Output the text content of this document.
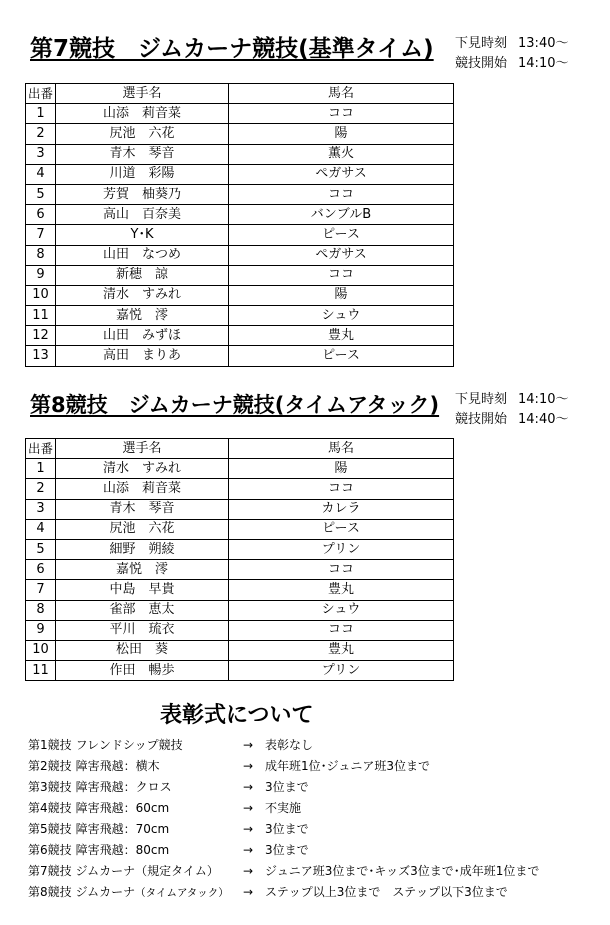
第7競技　ジムカーナ競技(基準タイム) 下見時刻 13:40～
競技開始 14:10～
出番	選手名	馬名
1	山添　莉音菜	ココ
2	尻池　六花	陽
3	青木　琴音	薫火
4	川道　彩陽	ペガサス
5	芳賀　柚葵乃	ココ
6	高山　百奈美	バンブルB
7	Y･K	ピース
8	山田　なつめ	ペガサス
9	新穂　諒	ココ
10	清水　すみれ	陽
11	嘉悦　澪	シュウ
12	山田　みずほ	豊丸
13	高田　まりあ	ピース
第8競技　ジムカーナ競技(タイムアタック) 下見時刻 14:10～
競技開始 14:40～
出番	選手名	馬名
1	清水　すみれ	陽
2	山添　莉音菜	ココ
3	青木　琴音	カレラ
4	尻池　六花	ピース
5	細野　朔綾	プリン
6	嘉悦　澪	ココ
7	中島　早貴	豊丸
8	雀部　恵太	シュウ
9	平川　琉衣	ココ
10	松田　葵	豊丸
11	作田　暢歩	プリン
表彰式について
第1競技 フレンドシップ競技	→ 表彰なし
第2競技 障害飛越：横木	→ 成年班1位･ジュニア班3位まで
第3競技 障害飛越：クロス	→ 3位まで
第4競技 障害飛越：60cm	→ 不実施
第5競技 障害飛越：70cm	→ 3位まで
第6競技 障害飛越：80cm	→ 3位まで
第7競技 ジムカーナ（規定タイム） → ジュニア班3位まで･キッズ3位まで･成年班1位まで
第8競技 ジムカーナ（タイムアタック） → ステップ以上3位まで　ステップ以下3位まで
